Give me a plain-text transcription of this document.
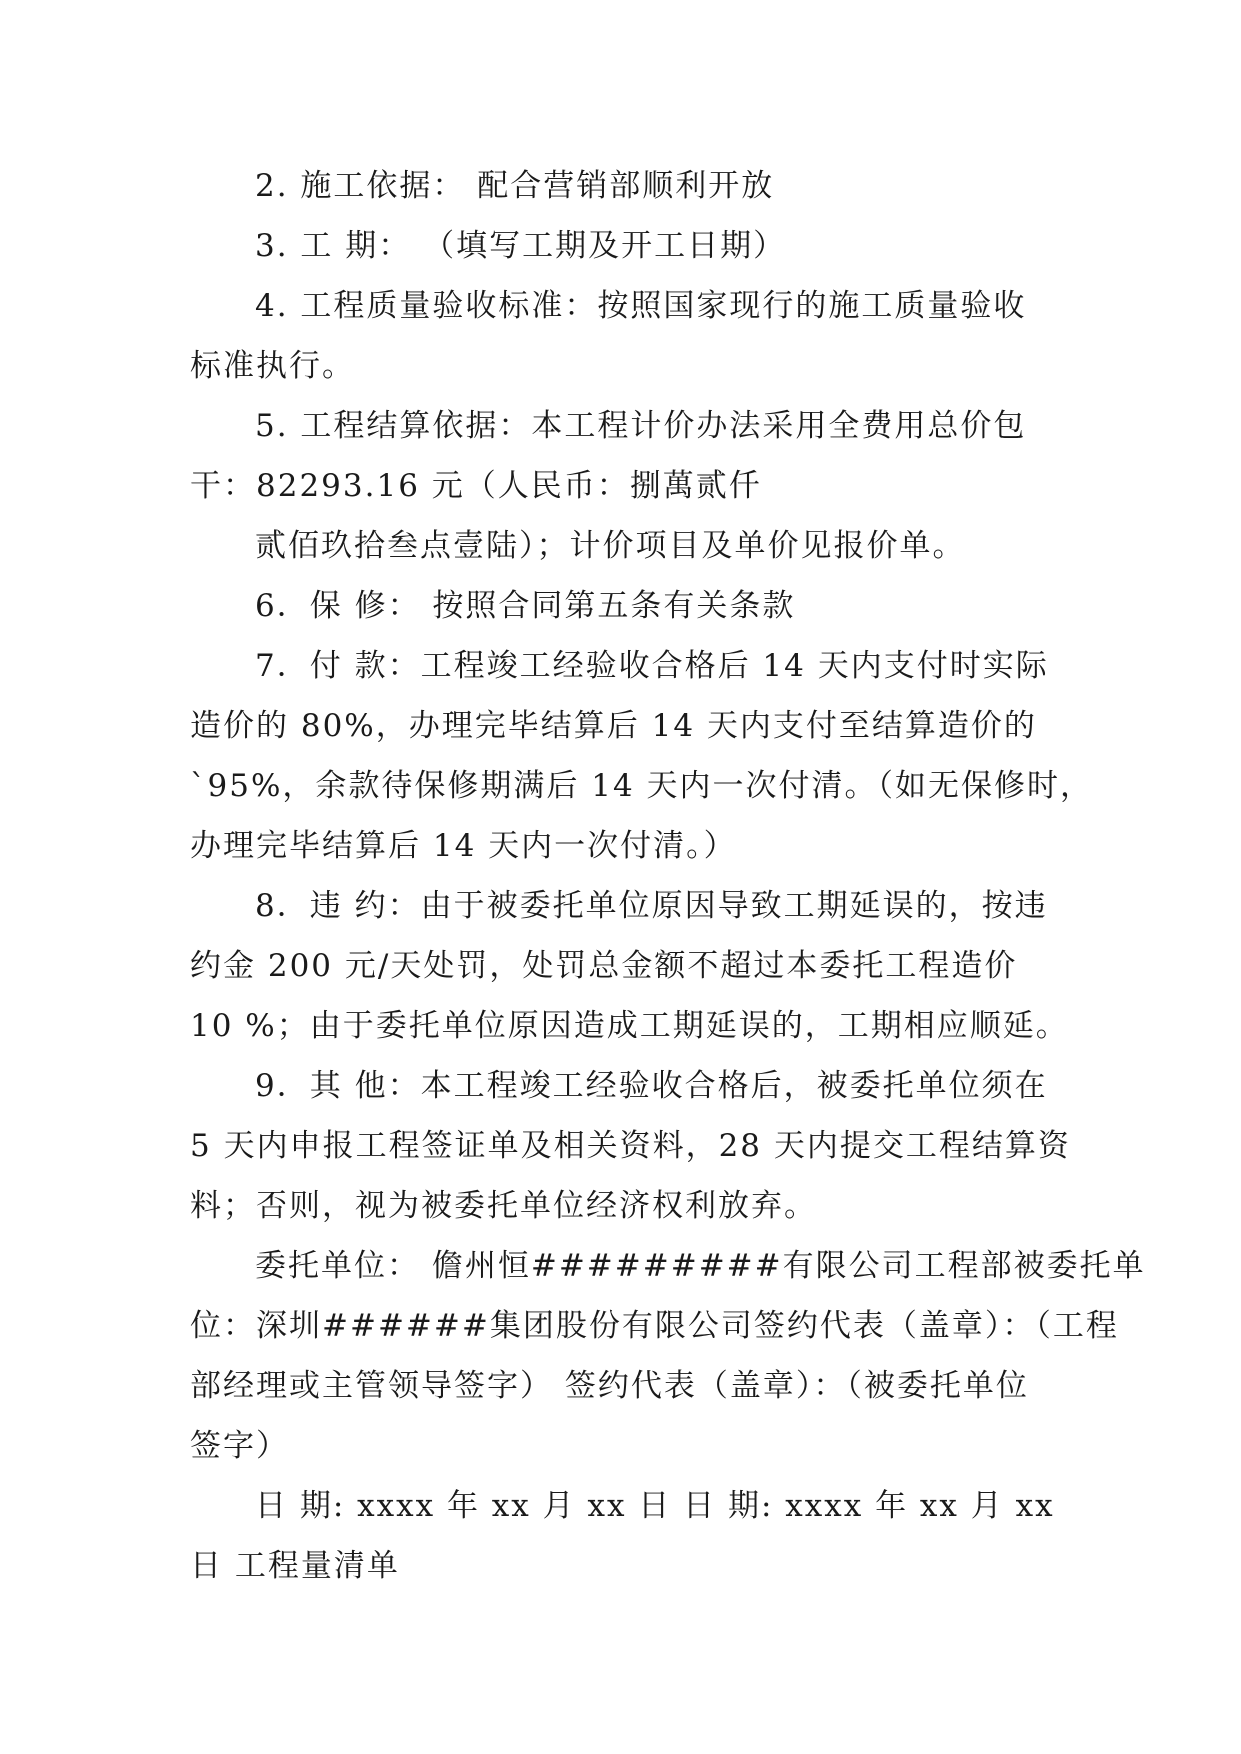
2. 施工依据： 配合营销部顺利开放
3. 工 期： （填写工期及开工日期）
4. 工程质量验收标准：按照国家现行的施工质量验收
标准执行。
5. 工程结算依据：本工程计价办法采用全费用总价包
干：82293.16 元（人民币：捌萬贰仟
贰佰玖拾叁点壹陆）；计价项目及单价见报价单。
6．保 修： 按照合同第五条有关条款
7．付 款：工程竣工经验收合格后 14 天内支付时实际
造价的 80%，办理完毕结算后 14 天内支付至结算造价的
`95%，余款待保修期满后 14 天内一次付清。（如无保修时，
办理完毕结算后 14 天内一次付清。）
8．违 约：由于被委托单位原因导致工期延误的，按违
约金 200 元/天处罚，处罚总金额不超过本委托工程造价
10 %；由于委托单位原因造成工期延误的，工期相应顺延。
9．其 他：本工程竣工经验收合格后，被委托单位须在
5 天内申报工程签证单及相关资料，28 天内提交工程结算资
料；否则，视为被委托单位经济权利放弃。
委托单位： 儋州恒#########有限公司工程部被委托单
位：深圳######集团股份有限公司签约代表（盖章）：（工程
部经理或主管领导签字） 签约代表（盖章）：（被委托单位
签字）
日 期: xxxx 年 xx 月 xx 日 日 期: xxxx 年 xx 月 xx
日 工程量清单
